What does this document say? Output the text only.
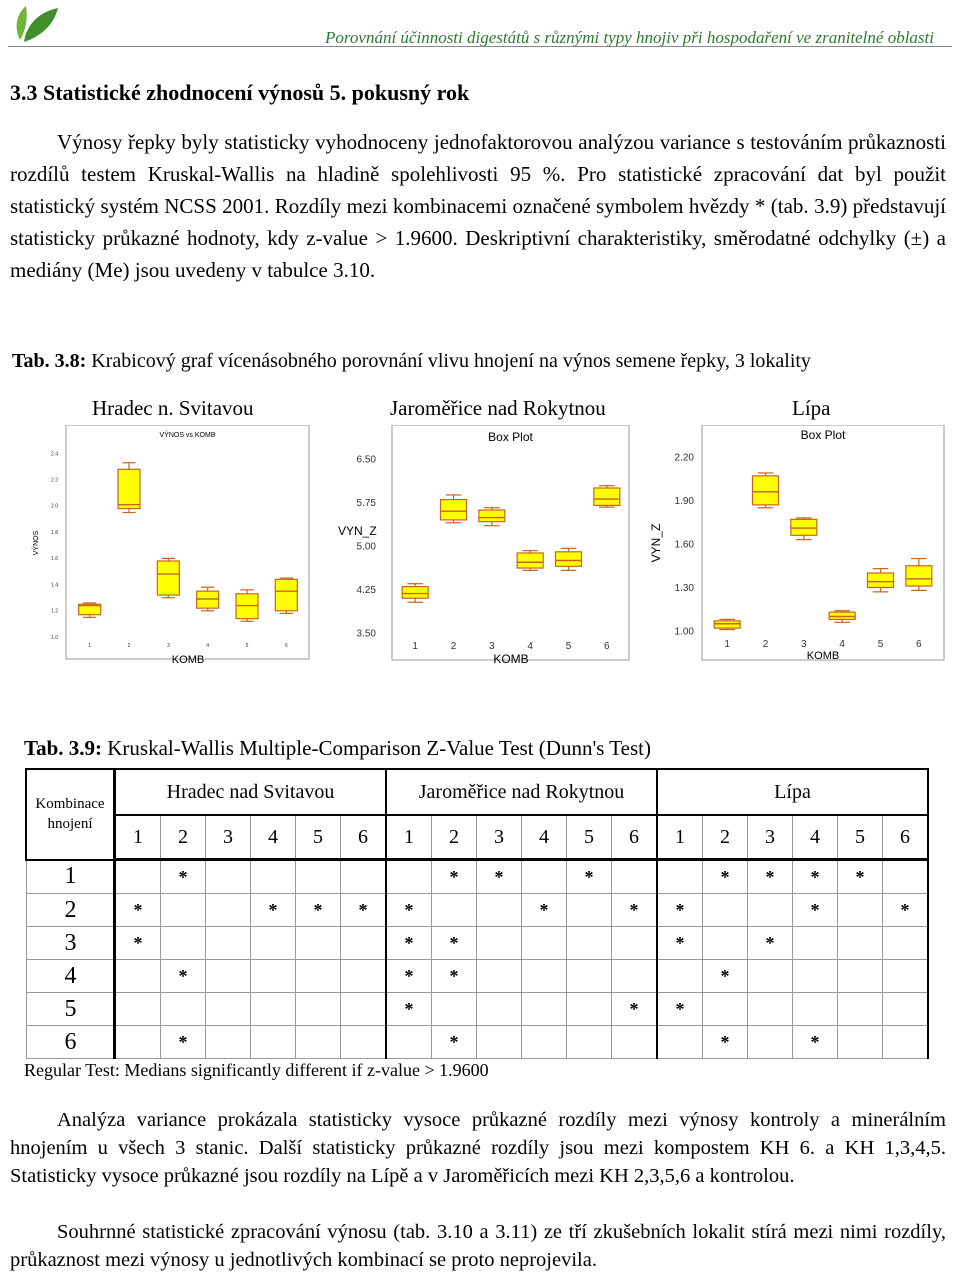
Porovnání účinnosti digestátů s různými typy hnojiv při hospodaření ve zranitelné oblasti
3.3 Statistické zhodnocení výnosů 5. pokusný rok
Výnosy řepky byly statisticky vyhodnoceny jednofaktorovou analýzou variance s testováním průkaznosti rozdílů testem Kruskal-Wallis na hladině spolehlivosti 95 %. Pro statistické zpracování dat byl použit statistický systém NCSS 2001. Rozdíly mezi kombinacemi označené symbolem hvězdy * (tab. 3.9) představují statisticky průkazné hodnoty, kdy z-value > 1.9600. Deskriptivní charakteristiky, směrodatné odchylky (±) a mediány (Me) jsou uvedeny v tabulce 3.10.
Tab. 3.8: Krabicový graf vícenásobného porovnání vlivu hnojení na výnos semene řepky, 3 lokality
Hradec n. Svitavou	Jaroměřice nad Rokytnou	Lípa
VÝNOS vs KOMB
1.0
1.2
1.4
1.6
1.8
2.0
2.2
2.4
1	2	3	4	5	6
KOMB
VÝNOS
Box Plot
3.50
4.25
5.00
5.75
6.50
1	2	3	4	5	6
KOMB
VYN_Z
Box Plot
1.00
1.30
1.60
1.90
2.20
1	2	3	4	5	6
KOMB
VYN_Z
Tab. 3.9: Kruskal-Wallis Multiple-Comparison Z-Value Test (Dunn's Test)
Kombinace hnojení	Hradec nad Svitavou						Jaroměřice nad Rokytnou						Lípa					
	1	2	3	4	5	6	1	2	3	4	5	6	1	2	3	4	5	6
1		*						*	*		*			*	*	*	*	
2	*			*	*	*	*			*		*	*			*		*
3	*						*	*					*		*			
4		*					*	*						*				
5							*					*	*					
6		*						*						*		*		
Regular Test: Medians significantly different if z-value > 1.9600
Analýza variance prokázala statisticky vysoce průkazné rozdíly mezi výnosy kontroly a minerálním hnojením u všech 3 stanic. Další statisticky průkazné rozdíly jsou mezi kompostem KH 6. a KH 1,3,4,5. Statisticky vysoce průkazné jsou rozdíly na Lípě a v Jaroměřicích mezi KH 2,3,5,6 a kontrolou.
Souhrnné statistické zpracování výnosu (tab. 3.10 a 3.11) ze tří zkušebních lokalit stírá mezi nimi rozdíly, průkaznost mezi výnosy u jednotlivých kombinací se proto neprojevila.
